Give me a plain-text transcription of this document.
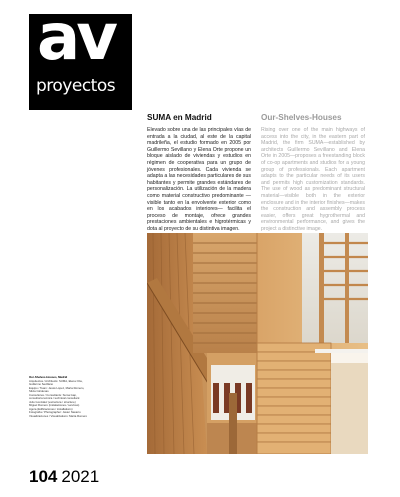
av
proyectos
SUMA en Madrid

Elevado sobre una de las principales vías de entrada a la ciudad, al este de la capital madrileña, el estudio formado en 2005 por Guillermo Sevillano y Elena Orte propone un bloque aislado de viviendas y estudios en régimen de cooperativa para un grupo de jóvenes profesionales. Cada vivienda se adapta a las necesidades particulares de sus habitantes y permite grandes estándares de personalización. La utilización de la madera como material constructivo predominante —visible tanto en la envolvente exterior como en los acabados interiores— facilita el proceso de montaje, ofrece grandes prestaciones ambientales e higrotérmicas y dota al proyecto de su distintiva imagen.

Our-Shelves-Houses

Rising over one of the main highways of access into the city, in the eastern part of Madrid, the firm SUMA—established by architects Guillermo Sevillano and Elena Orte in 2005—proposes a freestanding block of co-op apartments and studios for a young group of professionals. Each apartment adapts to the particular needs of its users and permits high customization standards. The use of wood as predominant structural material—visible both in the exterior enclosure and in the interior finishes—makes the construction and assembly process easier, offers great hygrothermal and environmental performance, and gives the project a distinctive image.

Our-Shelves-Houses, Madrid
Arquitectos / Architects: SUMA, Elena Orte,
Guillermo Sevillano
Equipo / Team: Jesús López, Marta Romero,
Silvia Cárdenas
Consultores / Consultants: Suma Gap,
consultoría técnica / technical consultant:
Julio González (estructura / structure)
Miguel Romero (instalaciones / services)
Agora (Edificaciones / installations)
Fotografía / Photographer: Javier Navarro
Visualizaciones / Visualizations: Marta Romero
104 2021
